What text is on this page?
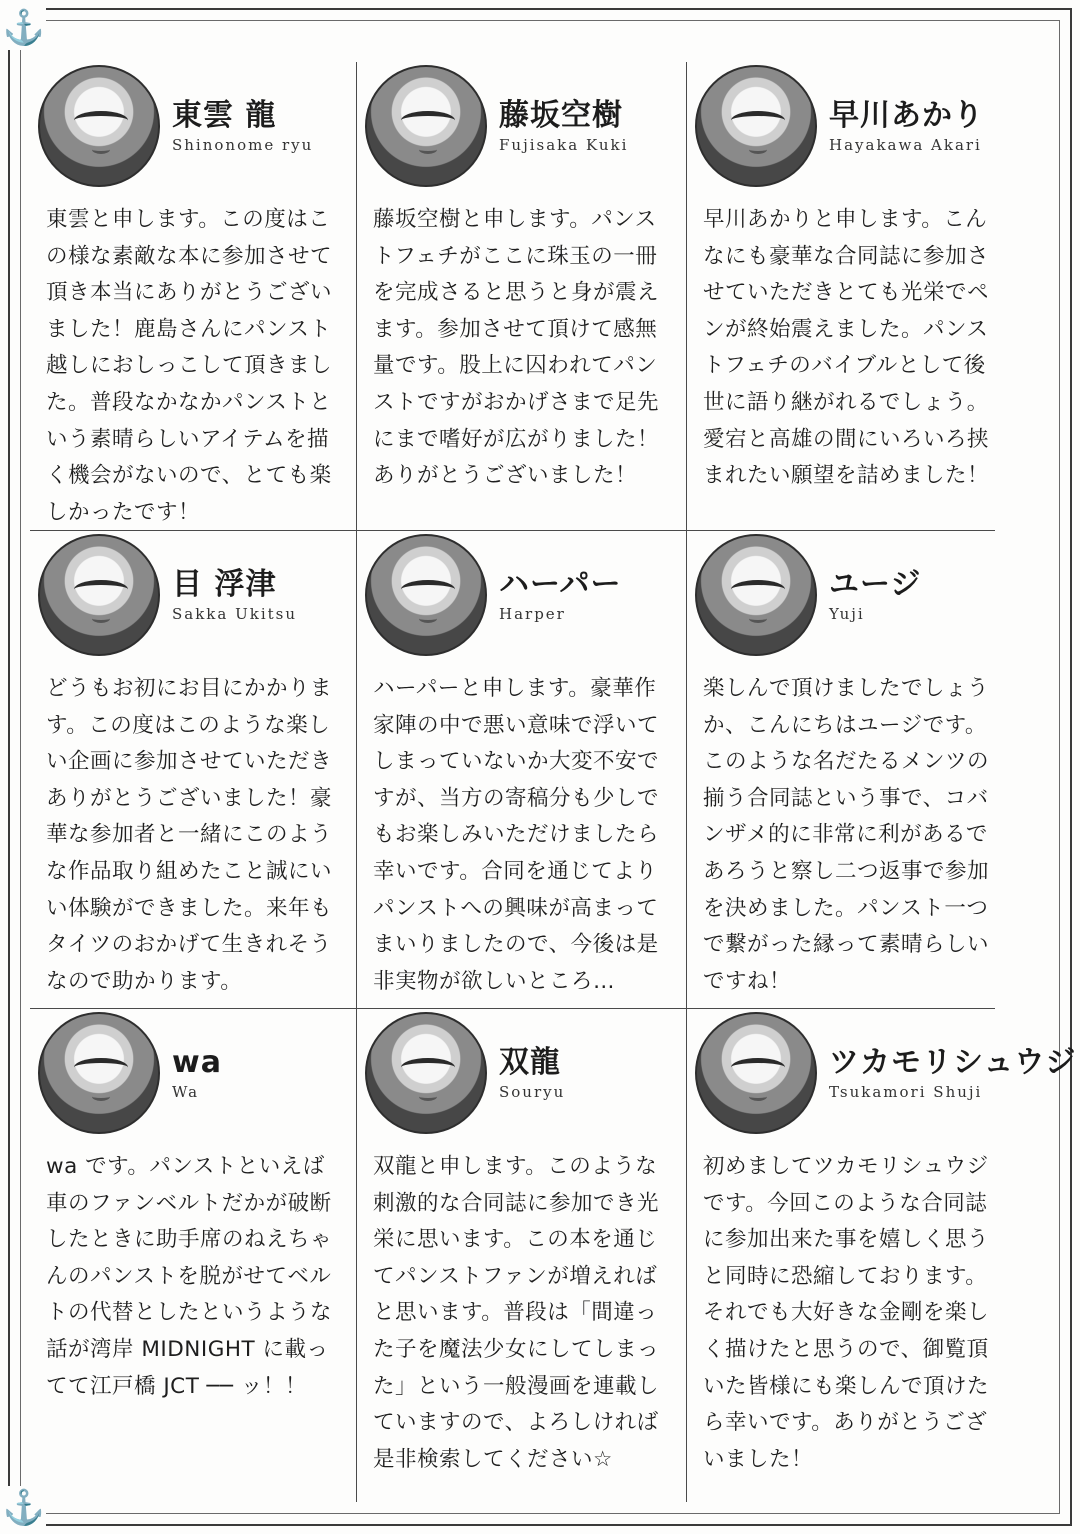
⚓
⚓
東雲 龍
Shinonome ryu
東雲と申します。この度はこ
の様な素敵な本に参加させて
頂き本当にありがとうござい
ました！鹿島さんにパンスト
越しにおしっこして頂きまし
た。普段なかなかパンストと
いう素晴らしいアイテムを描
く機会がないので、とても楽
しかったです！
藤坂空樹
Fujisaka Kuki
藤坂空樹と申します。パンス
トフェチがここに珠玉の一冊
を完成さると思うと身が震え
ます。参加させて頂けて感無
量です。股上に囚われてパン
ストですがおかげさまで足先
にまで嗜好が広がりました！
ありがとうございました！
早川あかり
Hayakawa Akari
早川あかりと申します。こん
なにも豪華な合同誌に参加さ
せていただきとても光栄でペ
ンが終始震えました。パンス
トフェチのバイブルとして後
世に語り継がれるでしょう。
愛宕と高雄の間にいろいろ挟
まれたい願望を詰めました！
目 浮津
Sakka Ukitsu
どうもお初にお目にかかりま
す。この度はこのような楽し
い企画に参加させていただき
ありがとうございました！豪
華な参加者と一緒にこのよう
な作品取り組めたこと誠にい
い体験ができました。来年も
タイツのおかげて生きれそう
なので助かります。
ハーパー
Harper
ハーパーと申します。豪華作
家陣の中で悪い意味で浮いて
しまっていないか大変不安で
すが、当方の寄稿分も少しで
もお楽しみいただけましたら
幸いです。合同を通じてより
パンストへの興味が高まって
まいりましたので、今後は是
非実物が欲しいところ…
ユージ
Yuji
楽しんで頂けましたでしょう
か、こんにちはユージです。
このような名だたるメンツの
揃う合同誌という事で、コバ
ンザメ的に非常に利があるで
あろうと察し二つ返事で参加
を決めました。パンスト一つ
で繋がった縁って素晴らしい
ですね！
wa
Wa
wa です。パンストといえば
車のファンベルトだかが破断
したときに助手席のねえちゃ
んのパンストを脱がせてベル
トの代替としたというような
話が湾岸 MIDNIGHT に載っ
てて江戸橋 JCT ── ッ！！
双龍
Souryu
双龍と申します。このような
刺激的な合同誌に参加でき光
栄に思います。この本を通じ
てパンストファンが増えれば
と思います。普段は「間違っ
た子を魔法少女にしてしまっ
た」という一般漫画を連載し
ていますので、よろしければ
是非検索してください☆
ツカモリシュウジ
Tsukamori Shuji
初めましてツカモリシュウジ
です。今回このような合同誌
に参加出来た事を嬉しく思う
と同時に恐縮しております。
それでも大好きな金剛を楽し
く描けたと思うので、御覧頂
いた皆様にも楽しんで頂けた
ら幸いです。ありがとうござ
いました！
